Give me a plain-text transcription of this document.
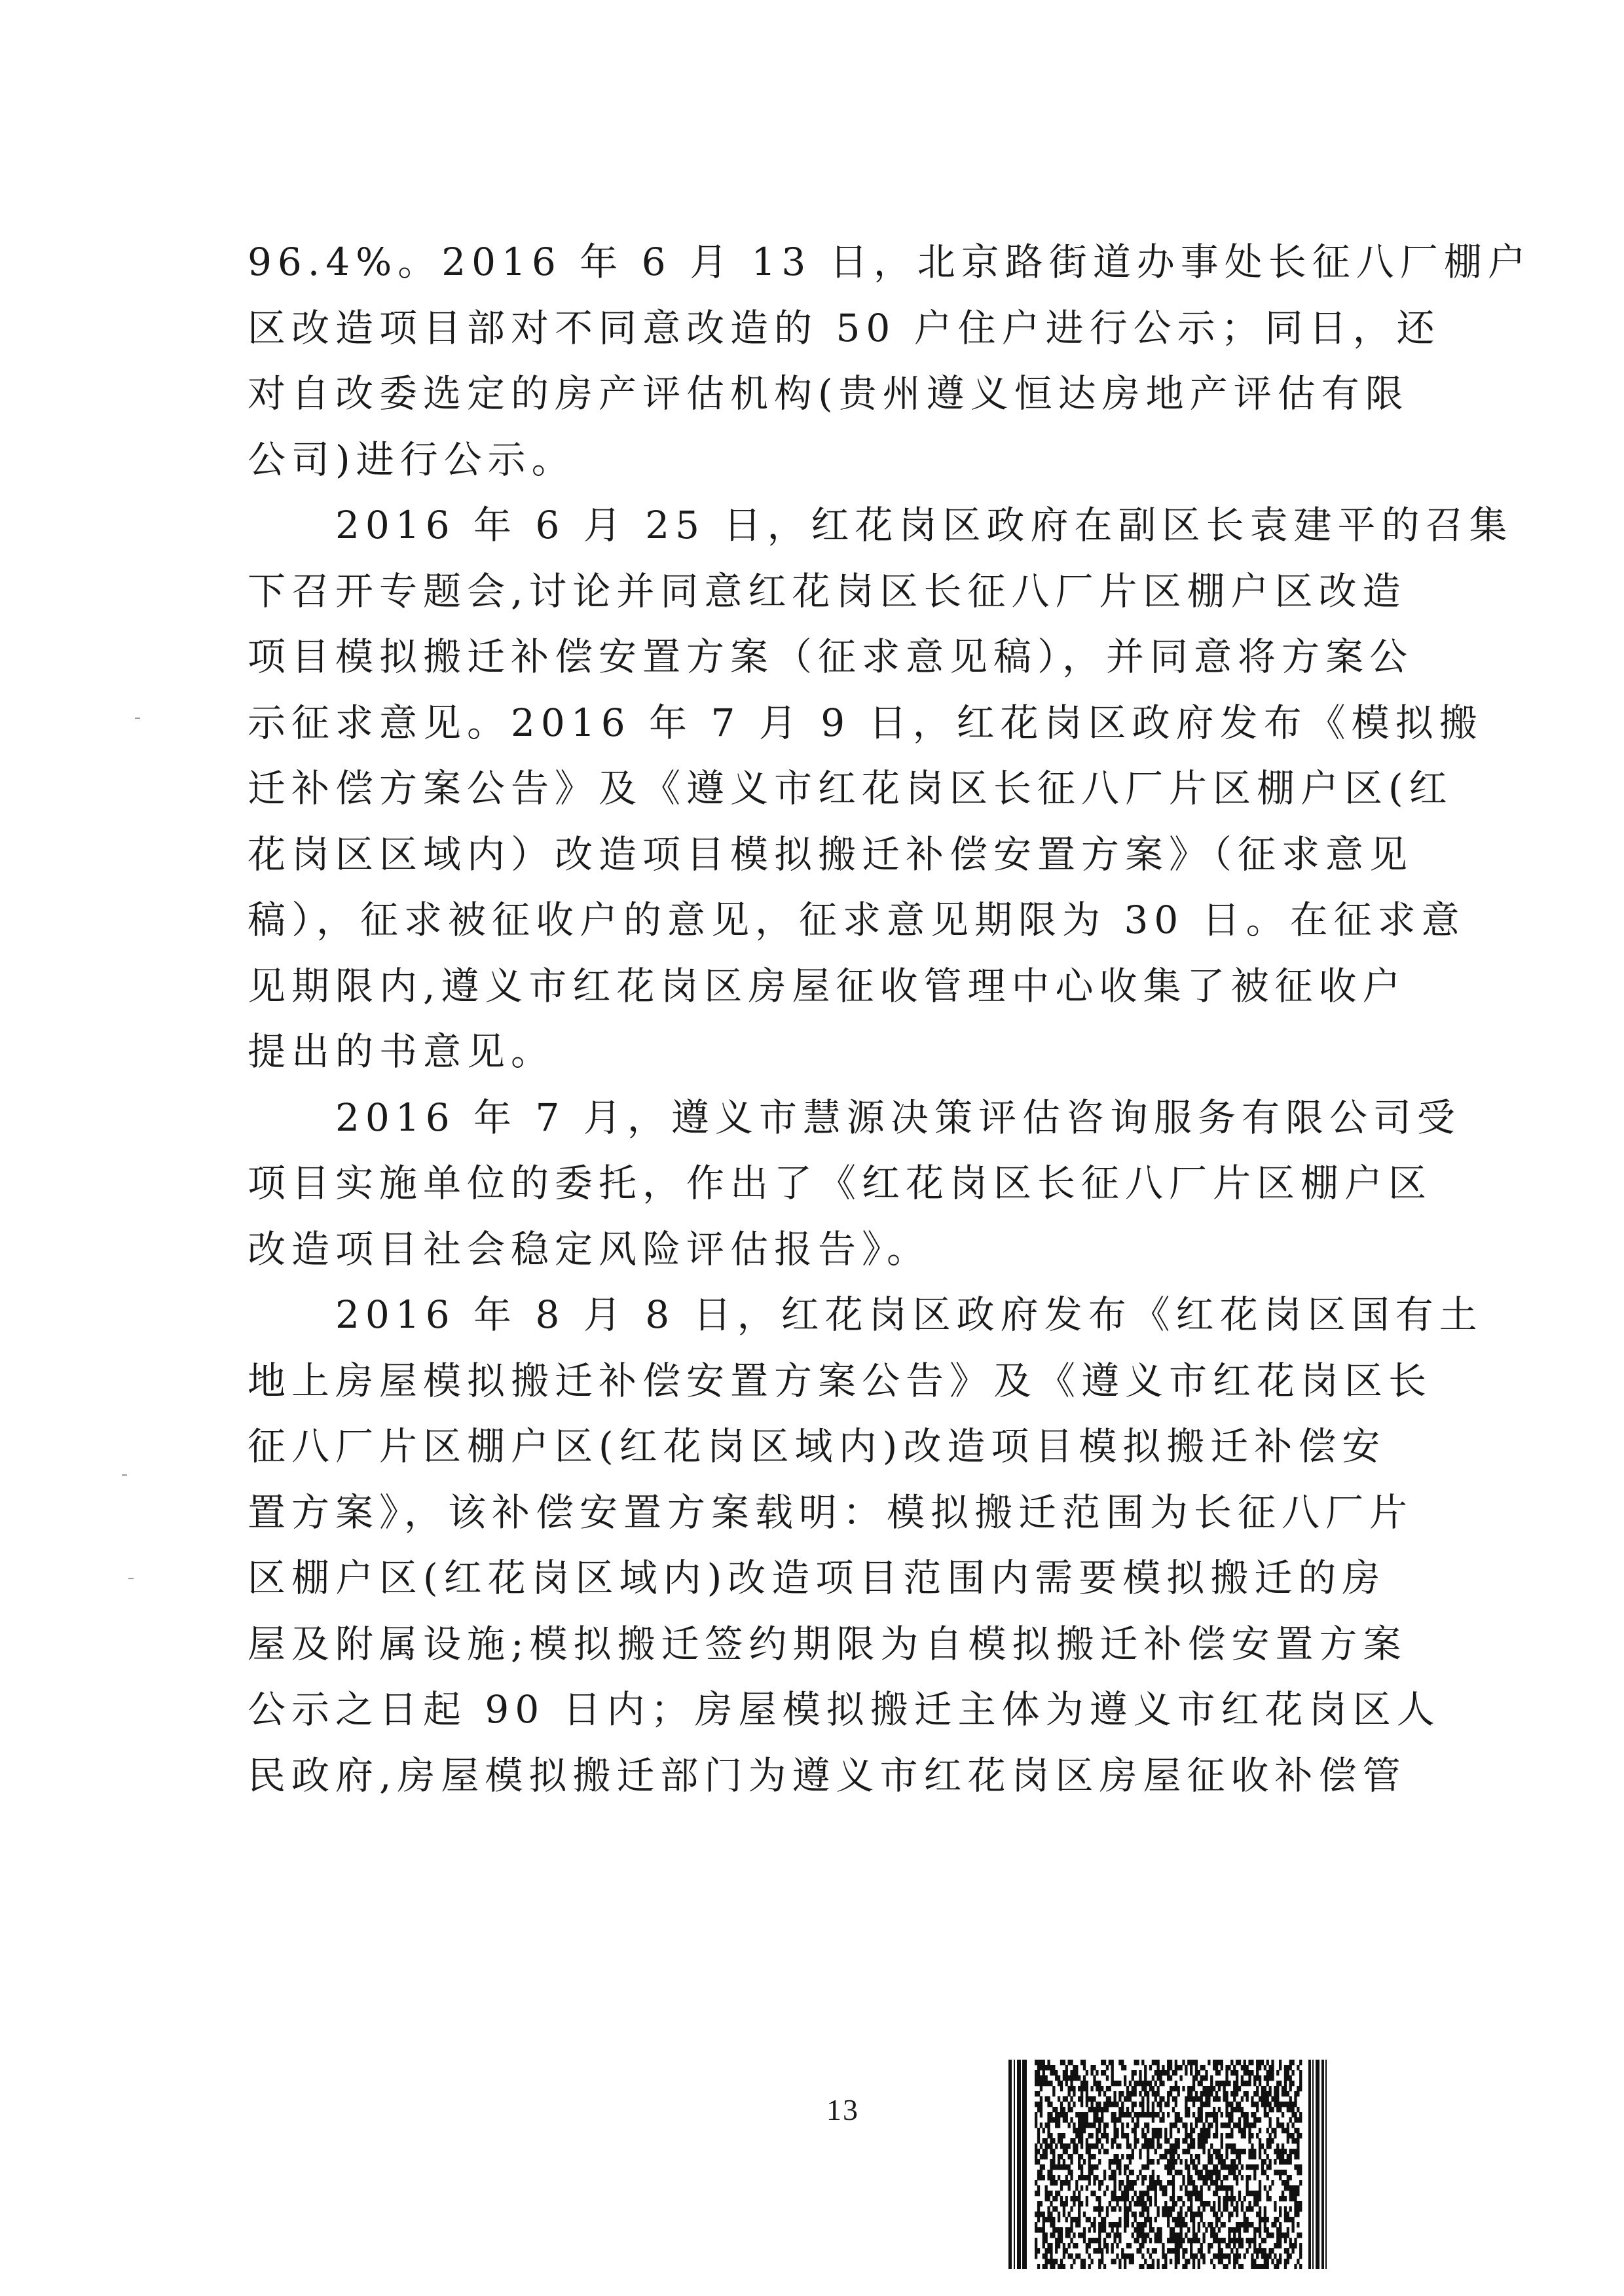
96.4%。2016 年 6 月 13 日，北京路街道办事处长征八厂棚户
区改造项目部对不同意改造的 50 户住户进行公示；同日，还
对自改委选定的房产评估机构(贵州遵义恒达房地产评估有限
公司)进行公示。
　　2016 年 6 月 25 日，红花岗区政府在副区长袁建平的召集
下召开专题会,讨论并同意红花岗区长征八厂片区棚户区改造
项目模拟搬迁补偿安置方案（征求意见稿），并同意将方案公
示征求意见。2016 年 7 月 9 日，红花岗区政府发布《模拟搬
迁补偿方案公告》及《遵义市红花岗区长征八厂片区棚户区(红
花岗区区域内）改造项目模拟搬迁补偿安置方案》（征求意见
稿），征求被征收户的意见，征求意见期限为 30 日。在征求意
见期限内,遵义市红花岗区房屋征收管理中心收集了被征收户
提出的书意见。
　　2016 年 7 月，遵义市慧源决策评估咨询服务有限公司受
项目实施单位的委托，作出了《红花岗区长征八厂片区棚户区
改造项目社会稳定风险评估报告》。
　　2016 年 8 月 8 日，红花岗区政府发布《红花岗区国有土
地上房屋模拟搬迁补偿安置方案公告》及《遵义市红花岗区长
征八厂片区棚户区(红花岗区域内)改造项目模拟搬迁补偿安
置方案》，该补偿安置方案载明：模拟搬迁范围为长征八厂片
区棚户区(红花岗区域内)改造项目范围内需要模拟搬迁的房
屋及附属设施;模拟搬迁签约期限为自模拟搬迁补偿安置方案
公示之日起 90 日内；房屋模拟搬迁主体为遵义市红花岗区人
民政府,房屋模拟搬迁部门为遵义市红花岗区房屋征收补偿管
13
